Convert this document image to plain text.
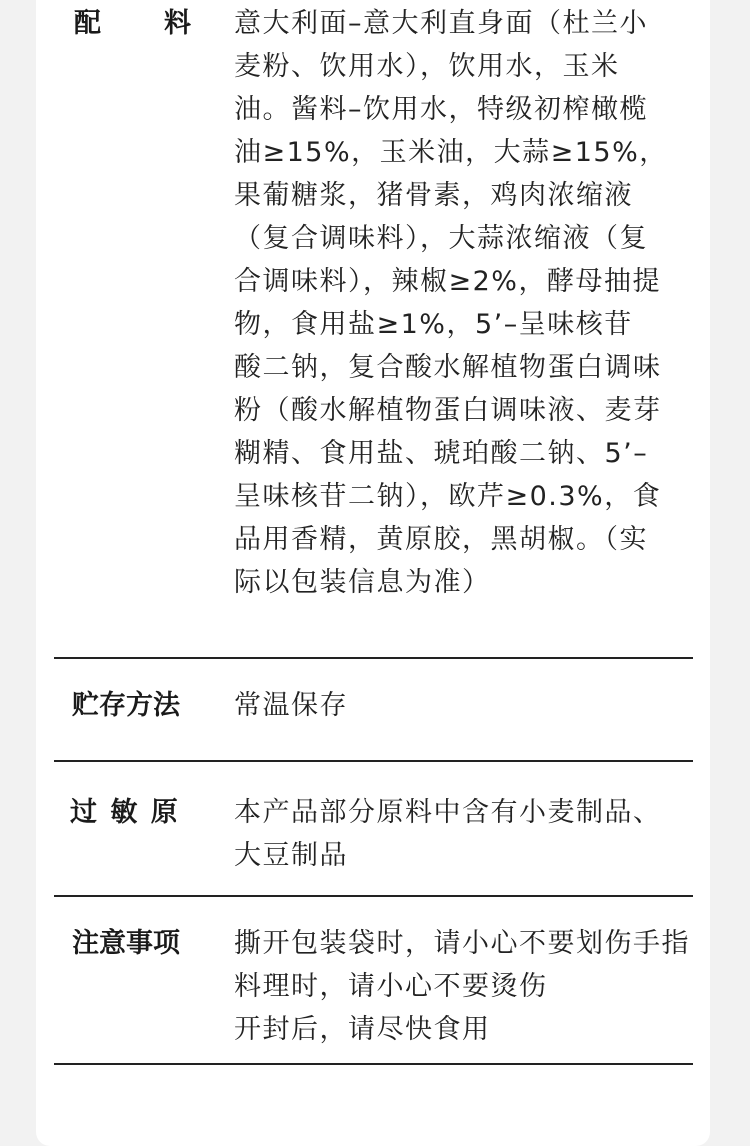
配 料 意大利面–意大利直身面（杜兰小
麦粉、饮用水），饮用水，玉米
油。酱料–饮用水，特级初榨橄榄
油≥15%，玉米油，大蒜≥15%，
果葡糖浆，猪骨素，鸡肉浓缩液
（复合调味料），大蒜浓缩液（复
合调味料），辣椒≥2%，酵母抽提
物，食用盐≥1%，5’–呈味核苷
酸二钠，复合酸水解植物蛋白调味
粉（酸水解植物蛋白调味液、麦芽
糊精、食用盐、琥珀酸二钠、5’–
呈味核苷二钠），欧芹≥0.3%，食
品用香精，黄原胶，黑胡椒。（实
际以包装信息为准）
贮存方法 常温保存
过 敏 原 本产品部分原料中含有小麦制品、
大豆制品
注意事项 撕开包装袋时，请小心不要划伤手指
料理时，请小心不要烫伤
开封后，请尽快食用
